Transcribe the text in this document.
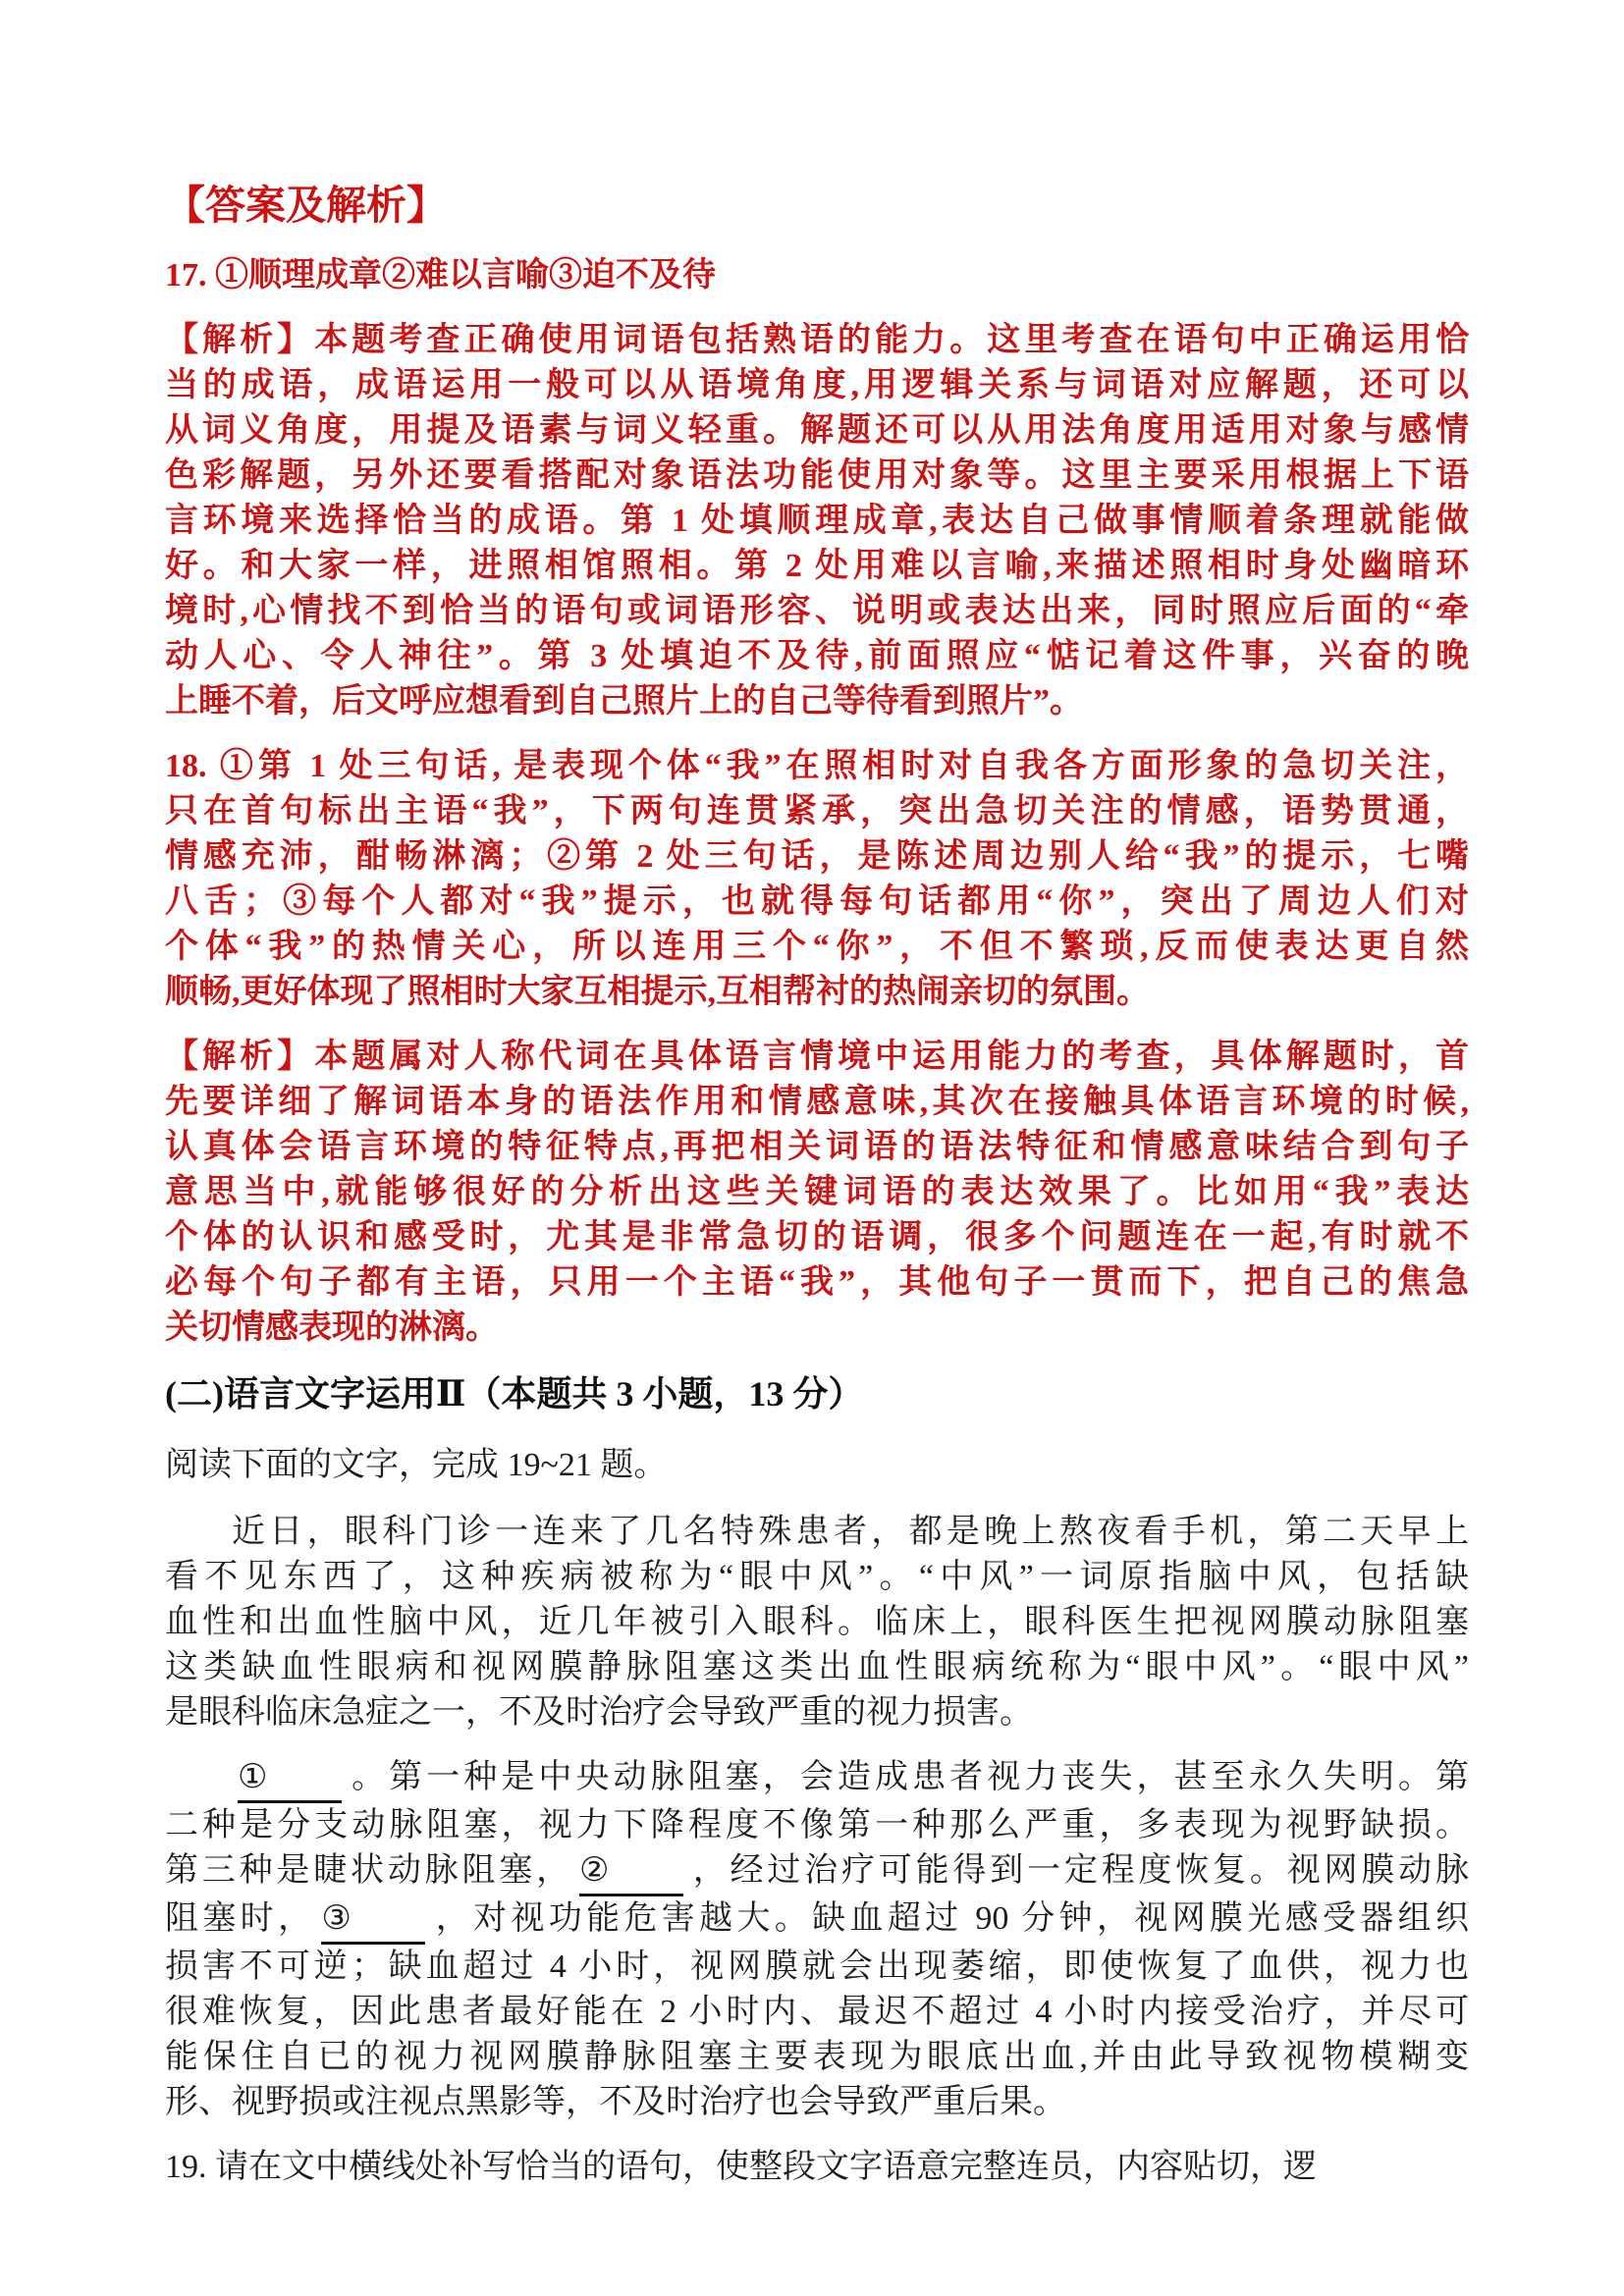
【答案及解析】
17. ①顺理成章②难以言喻③迫不及待
【解析】本题考查正确使用词语包括熟语的能力。这里考查在语句中正确运用恰
当的成语，成语运用一般可以从语境角度,用逻辑关系与词语对应解题，还可以
从词义角度，用提及语素与词义轻重。解题还可以从用法角度用适用对象与感情
色彩解题，另外还要看搭配对象语法功能使用对象等。这里主要采用根据上下语
言环境来选择恰当的成语。第 1 处填顺理成章,表达自己做事情顺着条理就能做
好。和大家一样，进照相馆照相。第 2 处用难以言喻,来描述照相时身处幽暗环
境时,心情找不到恰当的语句或词语形容、说明或表达出来，同时照应后面的“牵
动人心、令人神往”。第 3 处填迫不及待,前面照应“惦记着这件事，兴奋的晚
上睡不着，后文呼应想看到自己照片上的自己等待看到照片”。
18. ①第 1 处三句话, 是表现个体“我”在照相时对自我各方面形象的急切关注，
只在首句标出主语“我”，下两句连贯紧承，突出急切关注的情感，语势贯通，
情感充沛，酣畅淋漓；②第 2 处三句话，是陈述周边别人给“我”的提示，七嘴
八舌；③每个人都对“我”提示，也就得每句话都用“你”，突出了周边人们对
个体“我”的热情关心，所以连用三个“你”，不但不繁琐,反而使表达更自然
顺畅,更好体现了照相时大家互相提示,互相帮衬的热闹亲切的氛围。
【解析】本题属对人称代词在具体语言情境中运用能力的考查，具体解题时，首
先要详细了解词语本身的语法作用和情感意味,其次在接触具体语言环境的时候,
认真体会语言环境的特征特点,再把相关词语的语法特征和情感意味结合到句子
意思当中,就能够很好的分析出这些关键词语的表达效果了。比如用“我”表达
个体的认识和感受时，尤其是非常急切的语调，很多个问题连在一起,有时就不
必每个句子都有主语，只用一个主语“我”，其他句子一贯而下，把自己的焦急
关切情感表现的淋漓。
(二)语言文字运用Ⅱ（本题共 3 小题，13 分）

阅读下面的文字，完成 19~21 题。

近日，眼科门诊一连来了几名特殊患者，都是晚上熬夜看手机，第二天早上
看不见东西了，这种疾病被称为“眼中风”。“中风”一词原指脑中风，包括缺
血性和出血性脑中风，近几年被引入眼科。临床上，眼科医生把视网膜动脉阻塞
这类缺血性眼病和视网膜静脉阻塞这类出血性眼病统称为“眼中风”。“眼中风”
是眼科临床急症之一，不及时治疗会导致严重的视力损害。
① 。第一种是中央动脉阻塞，会造成患者视力丧失，甚至永久失明。第
二种是分支动脉阻塞，视力下降程度不像第一种那么严重，多表现为视野缺损。
第三种是睫状动脉阻塞， ② ，经过治疗可能得到一定程度恢复。视网膜动脉
阻塞时， ③ ，对视功能危害越大。缺血超过 90 分钟，视网膜光感受器组织
损害不可逆；缺血超过 4 小时，视网膜就会出现萎缩，即使恢复了血供，视力也
很难恢复，因此患者最好能在 2 小时内、最迟不超过 4 小时内接受治疗，并尽可
能保住自已的视力视网膜静脉阻塞主要表现为眼底出血,并由此导致视物模糊变
形、视野损或注视点黑影等，不及时治疗也会导致严重后果。
19. 请在文中横线处补写恰当的语句，使整段文字语意完整连员，内容贴切，逻
